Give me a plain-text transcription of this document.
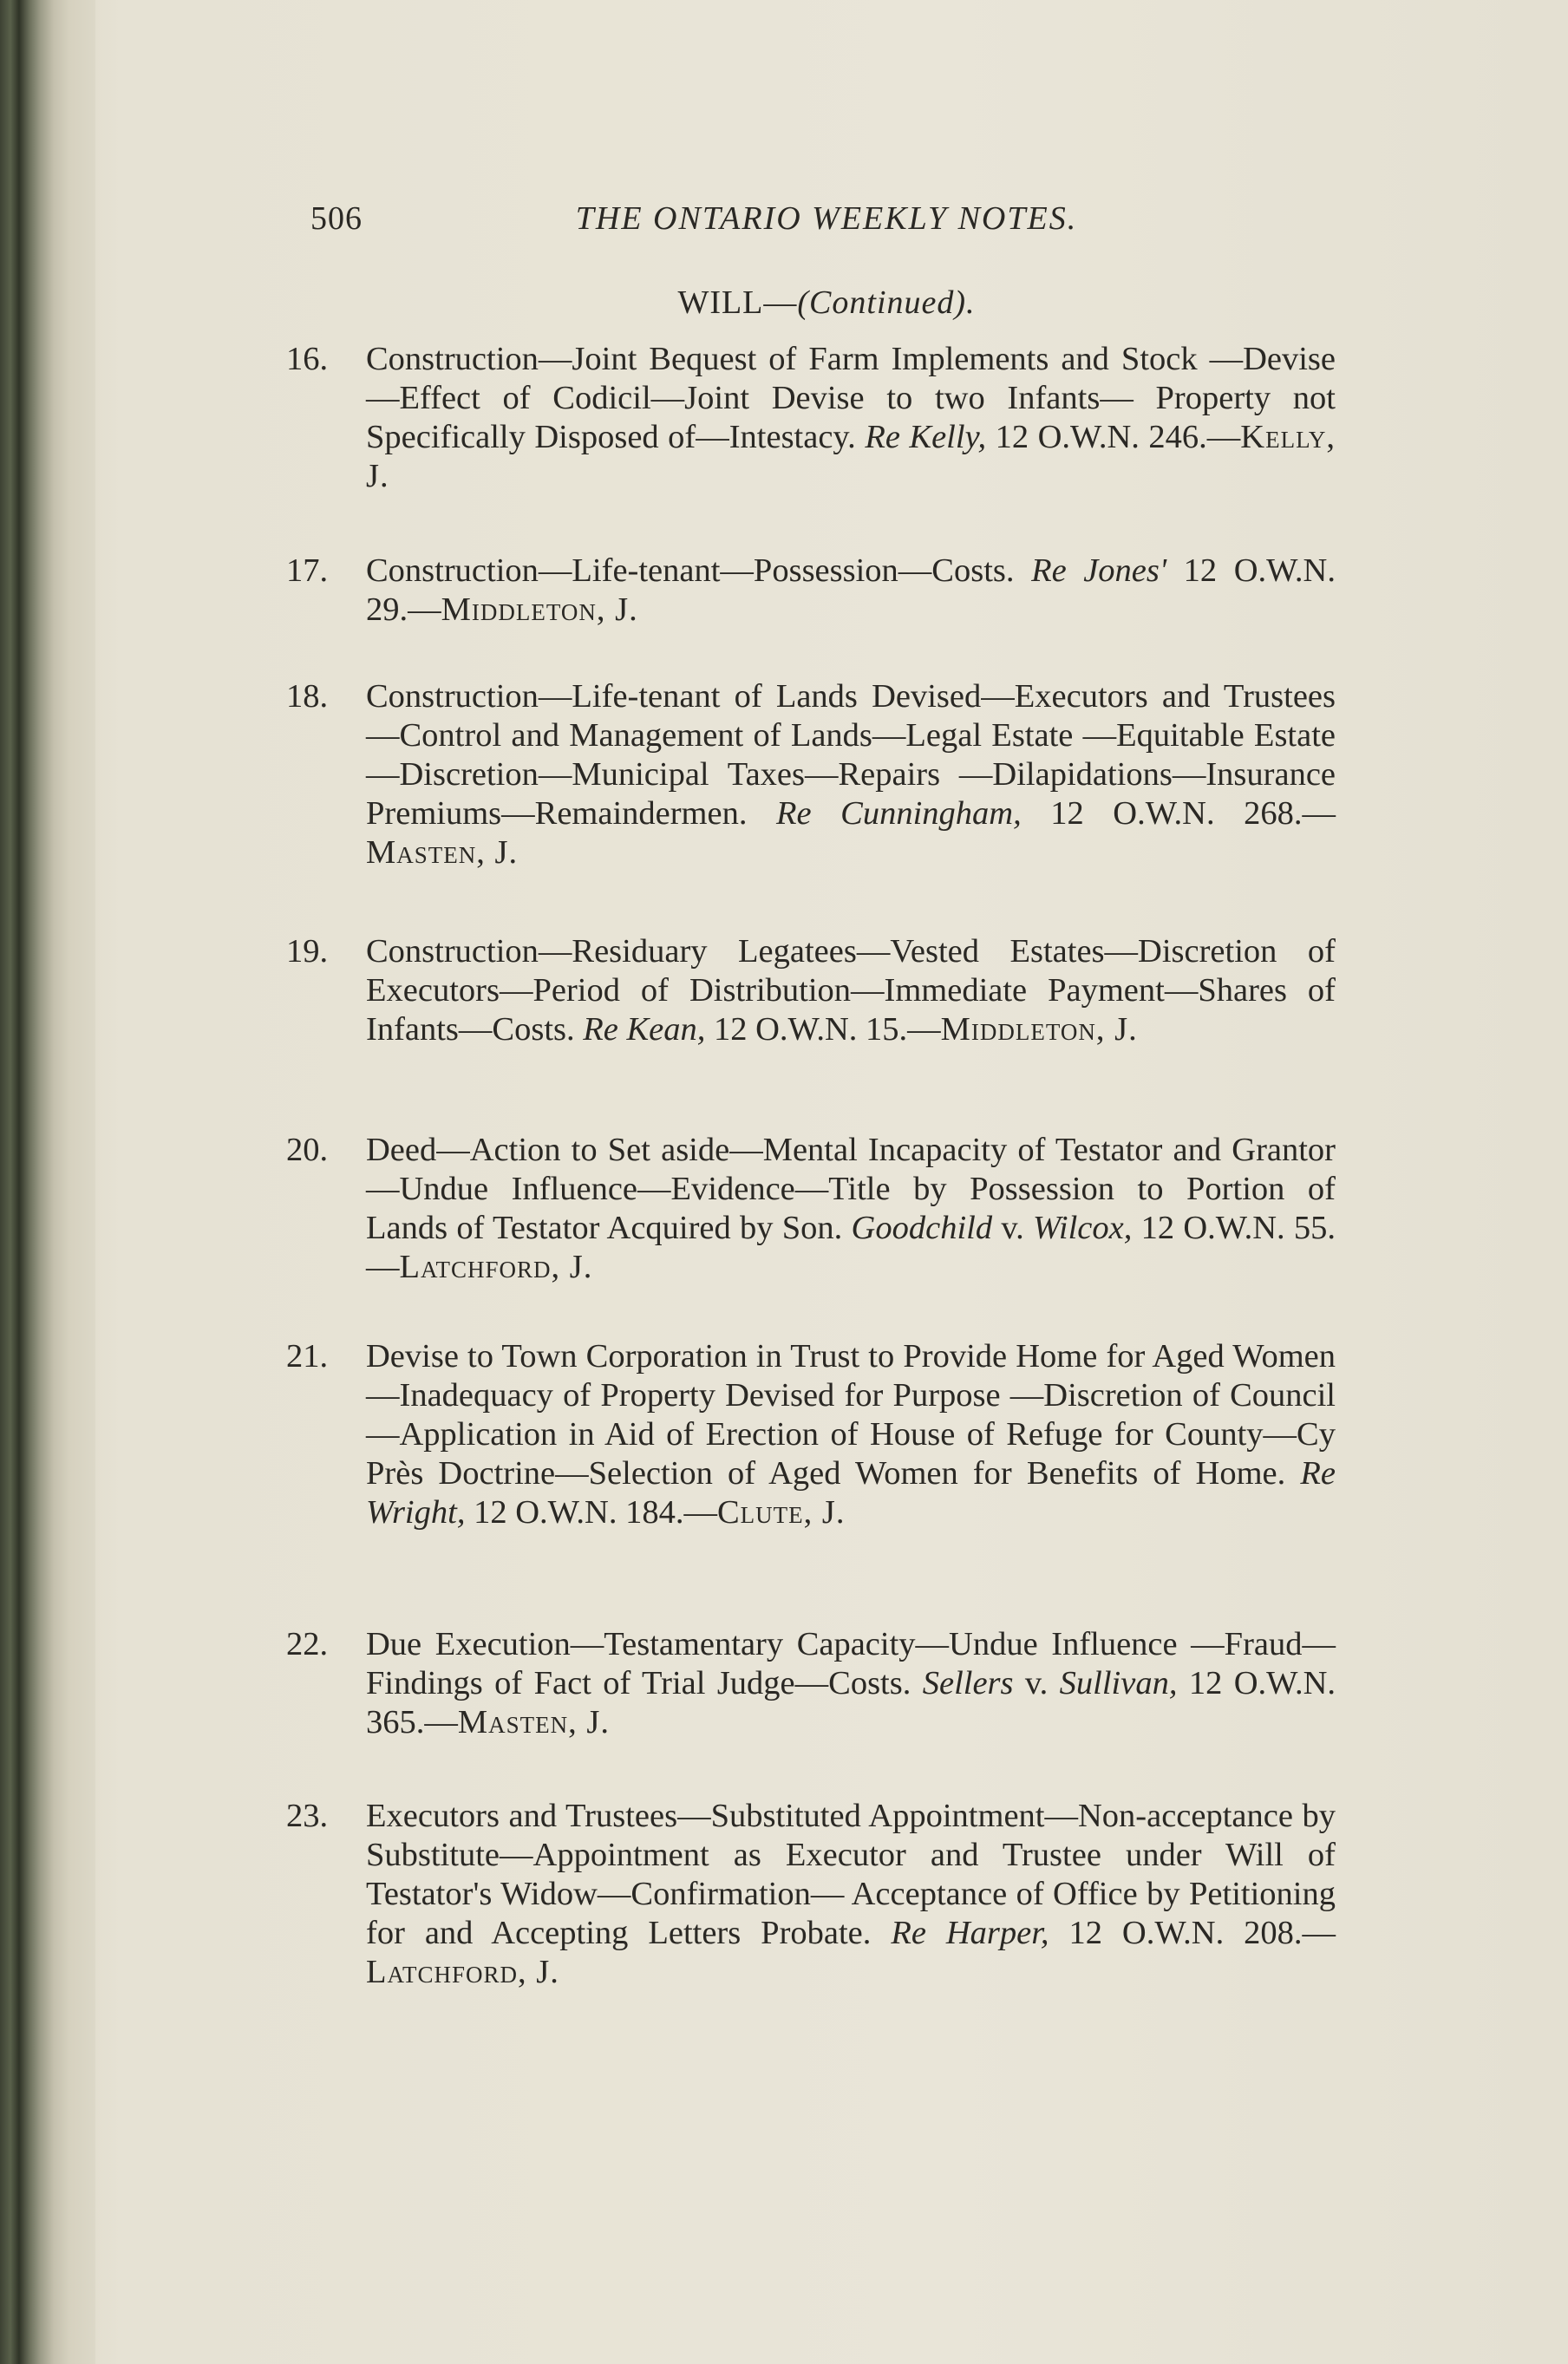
506	THE ONTARIO WEEKLY NOTES.
WILL—(Continued).
16.	Construction—Joint Bequest of Farm Implements and Stock —Devise—Effect of Codicil—Joint Devise to two Infants— Property not Specifically Disposed of—Intestacy. Re Kelly, 12 O.W.N. 246.—Kelly, J.
17.	Construction—Life-tenant—Possession—Costs. Re Jones' 12 O.W.N. 29.—Middleton, J.
18.	Construction—Life-tenant of Lands Devised—Executors and Trustees—Control and Management of Lands—Legal Estate —Equitable Estate—Discretion—Municipal Taxes—Repairs —Dilapidations—Insurance Premiums—Remaindermen. Re Cunningham, 12 O.W.N. 268.—Masten, J.
19.	Construction—Residuary Legatees—Vested Estates—Discretion of Executors—Period of Distribution—Immediate Payment—Shares of Infants—Costs. Re Kean, 12 O.W.N. 15.—Middleton, J.
20.	Deed—Action to Set aside—Mental Incapacity of Testator and Grantor—Undue Influence—Evidence—Title by Possession to Portion of Lands of Testator Acquired by Son. Goodchild v. Wilcox, 12 O.W.N. 55.—Latchford, J.
21.	Devise to Town Corporation in Trust to Provide Home for Aged Women—Inadequacy of Property Devised for Purpose —Discretion of Council—Application in Aid of Erection of House of Refuge for County—Cy Près Doctrine—Selection of Aged Women for Benefits of Home. Re Wright, 12 O.W.N. 184.—Clute, J.
22.	Due Execution—Testamentary Capacity—Undue Influence —Fraud—Findings of Fact of Trial Judge—Costs. Sellers v. Sullivan, 12 O.W.N. 365.—Masten, J.
23.	Executors and Trustees—Substituted Appointment—Non-acceptance by Substitute—Appointment as Executor and Trustee under Will of Testator's Widow—Confirmation— Acceptance of Office by Petitioning for and Accepting Letters Probate. Re Harper, 12 O.W.N. 208.—Latchford, J.
